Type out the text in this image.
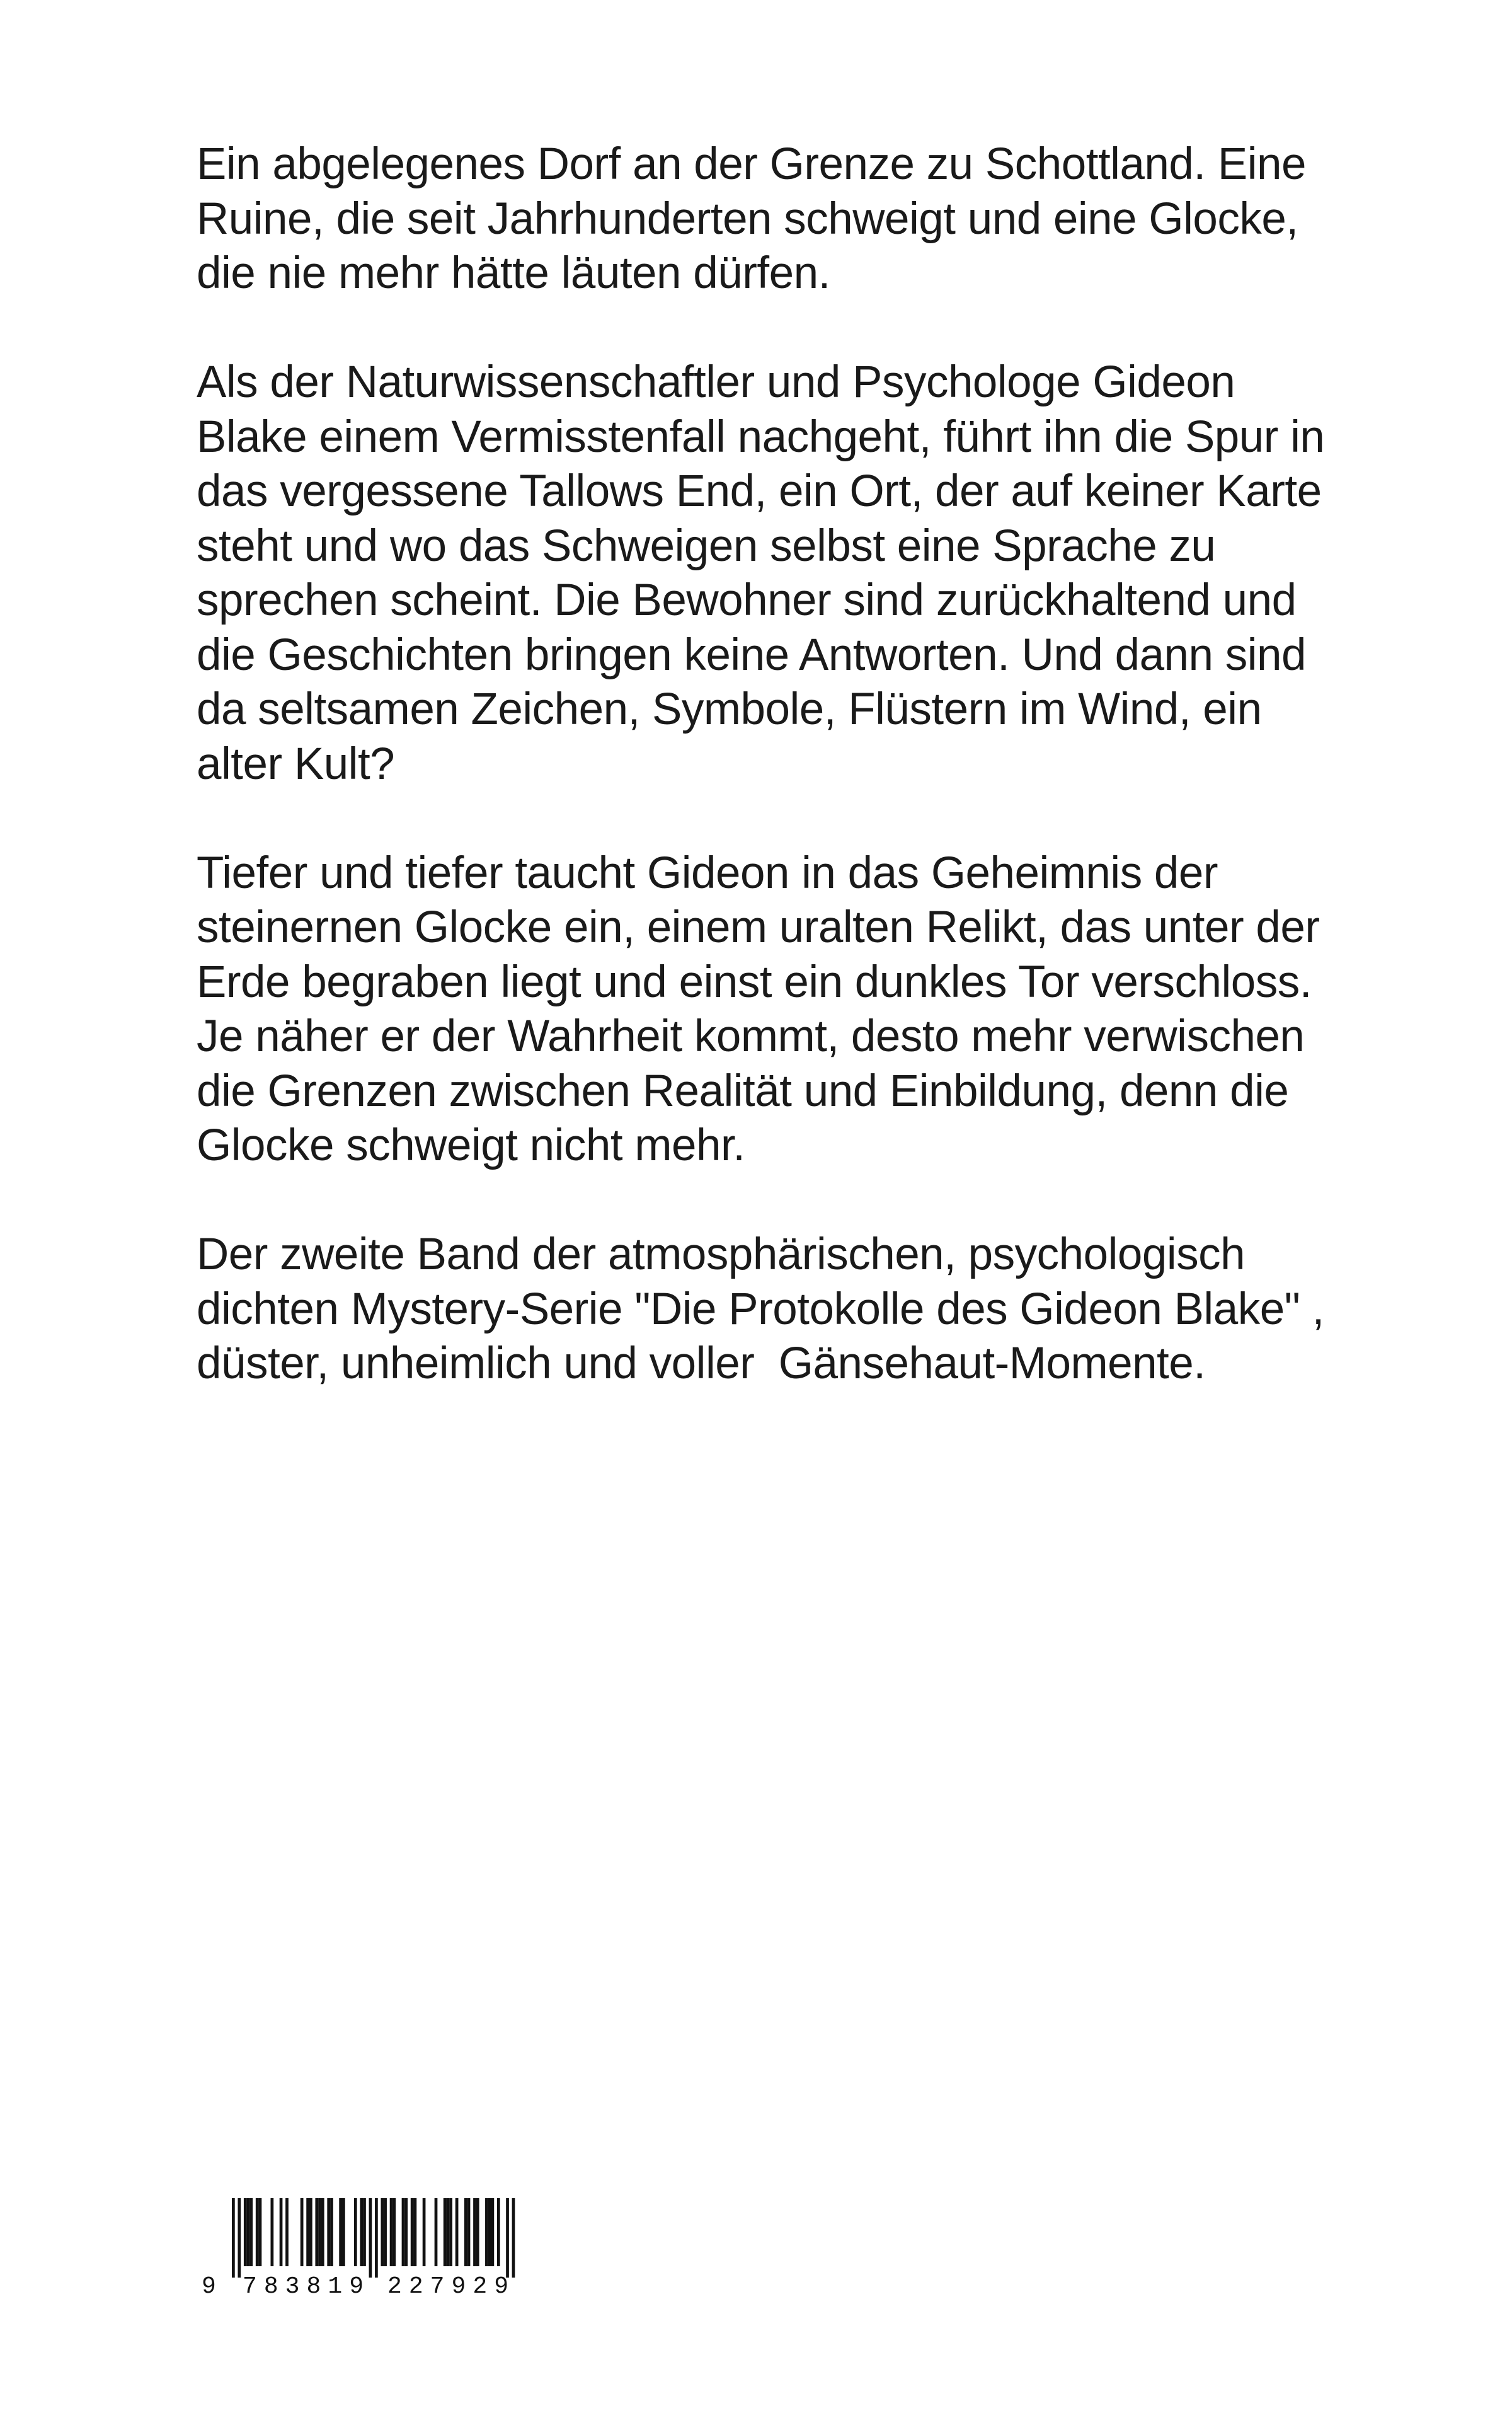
Ein abgelegenes Dorf an der Grenze zu Schottland. Eine
Ruine, die seit Jahrhunderten schweigt und eine Glocke,
die nie mehr hätte läuten dürfen.

Als der Naturwissenschaftler und Psychologe Gideon
Blake einem Vermisstenfall nachgeht, führt ihn die Spur in
das vergessene Tallows End, ein Ort, der auf keiner Karte
steht und wo das Schweigen selbst eine Sprache zu
sprechen scheint. Die Bewohner sind zurückhaltend und
die Geschichten bringen keine Antworten. Und dann sind
da seltsamen Zeichen, Symbole, Flüstern im Wind, ein
alter Kult?

Tiefer und tiefer taucht Gideon in das Geheimnis der
steinernen Glocke ein, einem uralten Relikt, das unter der
Erde begraben liegt und einst ein dunkles Tor verschloss.
Je näher er der Wahrheit kommt, desto mehr verwischen
die Grenzen zwischen Realität und Einbildung, denn die
Glocke schweigt nicht mehr.

Der zweite Band der atmosphärischen, psychologisch
dichten Mystery-Serie "Die Protokolle des Gideon Blake" ,
düster, unheimlich und voller  Gänsehaut-Momente.

9 783819 227929
